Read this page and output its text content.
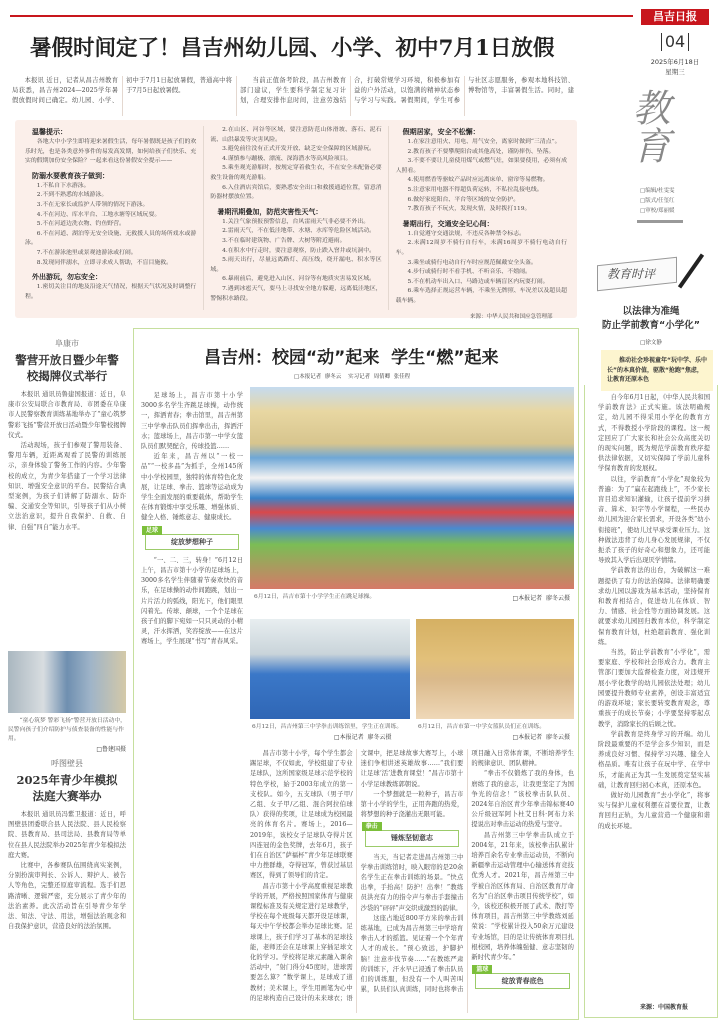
昌吉日报
04
2025年6月18日
星期三
暑假时间定了！昌吉州幼儿园、小学、初中7月1日放假

本报讯 近日，记者从昌吉州教育局获悉，昌吉州2024—2025学年暑假放假时间已确定。幼儿园、小学、初中于7月1日起放暑假，普通高中将于7月5日起放暑假。

当前正值备考阶段，昌吉州教育部门建议，学生要科学制定复习计划，合理安排作息时间，注意劳逸结合，打破常规学习环境，积极参加有益的户外活动，以饱满的精神状态参与学习与实践。暑假期间，学生可参与社区志愿服务，参观本地科技馆、博物馆等，丰富暑假生活。同时，建	教育
□编辑/杜雯雯
□版式/任玺红
□审校/郑丽媛
温馨提示：

各地大中小学生即将迎来暑假生活，每年暑假既是孩子们的欢乐时光，也是各类意外事件的易发高发期，如何给孩子们快乐、充实的假期加份安全保险？一起来看这份暑假安全提示——

防溺水要教育孩子做到：

1.不私自下水游泳。

2.不到不熟悉的水域游泳。

3.不在无家长或监护人带领的情况下游泳。

4.不在河边、库水平台、工地水塘等区域玩耍。

5.不在河道边洗衣物、钓鱼野营。

6.不在河道、湖泊等无安全设施、无救援人员的场所戏水或游泳。

7.不在游泳池里或景观池游泳或打闹。

8.发现同伴溺水，立即寻求成人帮助，不盲目施救。

外出游玩，勿忘安全：

1.密切关注目的地及沿途天气情况，根据天气状况及时调整行程。

2.在山区、河谷等区域，要注意防范山体滑坡、落石、泥石流、山洪暴发等灾害风险。

3.避免前往没有正式开发开放、缺乏安全保障的区域游玩。

4.谨慎参与蹦极、漂流、深海潜水等高风险项目。

5.乘坐观光游船时，按规定穿着救生衣，不在安全未配备必要救生设备的观光游船。

6.入住酒店宾馆后，要熟悉安全出口和救援通道位置，留意消防器材摆放位置。

暑期汛期叠加，防范灾害性天气：

1.关注气象预报预警信息，台风雷雨天气非必要不外出。

2.雷雨天气，不在低洼地带、水塘、水库等危险区域活动。

3.不在临时建筑物、广告牌、大树等附近避雨。

4.在积水中行走时，要注意观察，防止跌入窨井或坑洞中。

5.雨天出行，尽量远离路灯、高压线，绕开漏电、积水等区域。

6.暴雨前后，避免进入山区、河谷等有地质灾害易发区域。

7.遇到冰雹天气，要马上寻找安全地方躲避，远离低洼地区，警惕积水路段。

假期居家，安全不松懈：

1.在家注意用火、用电、用气安全，离家时做到“三清点”。

2.教育孩子不要攀爬阳台或其他高处，谨防摔伤、坠落。

3.不要不要让儿童使用煤气或燃气灶，如果要使用，必须有成人照看。

4.使用燃香等驱蚊产品时应远离床单、窗帘等易燃物。

5.注意家用电器不得超负荷运转，不私拉乱接电线。

6.做好家庭阳台、平台等区域的安全防护。

7.教育孩子不玩火，发现火情，及时拨打119。

暑期出行，交通安全记心间：

1.自觉遵守交通法规，不违反各种禁令标志。

2.未满12周岁不骑行自行车，未满16周岁不骑行电动自行车。

3.乘坐或骑行电动自行车时应规范佩戴安全头盔。

4.步行或骑行时不看手机、不听音乐、不嬉闹。

5.不在机动车出入口、马路边或车辆盲区内玩耍打闹。

6.乘车选择正规运营车辆，不乘坐无牌照、车况差以及超员超载车辆。

来源：中华人民共和国应急管理部
阜康市
警营开放日暨少年警校揭牌仪式举行

本报讯 通讯员鲁建国报道：近日，阜康市公安局联合市教育局、市团委在阜康市人民警察教育训练基地举办了“童心筑梦 警彩飞扬”警营开放日活动暨少年警校揭牌仪式。

活动现场，孩子们参观了警用装备、警用车辆，近距离观看了民警的训练展示，亲身体验了警务工作的内容。少年警校的成立，为青少年搭建了一个学习法律知识、增强安全意识的平台。民警结合典型案例，为孩子们讲解了防溺水、防诈骗、交通安全等知识，引导孩子们从小树立法治意识，提升自我保护、自救、自律、自强“四自”能力水平。

“童心筑梦 警彩飞扬”警营开放日活动中，民警向孩子们介绍防护与侦查装备的性能与作用。
□鲁建国摄
呼图壁县
2025年青少年模拟法庭大赛举办

本报讯 通讯员冯紫卫报道：近日，呼图壁县团委联合县人民法院、县人民检察院、县教育局、县司法局、县教育局等单位在县人民法院举办2025年青少年模拟法庭大赛。

比赛中，各参赛队伍围绕真实案例，分别扮演审判长、公诉人、辩护人、被告人等角色，完整还原庭审流程。选手们思路清晰、逻辑严密，充分展示了青少年的法治素养。此次活动旨在引导青少年学法、知法、守法、用法，增强法治观念和自我保护意识，营造良好的法治氛围。

昌吉州：校园“动”起来  学生“燃”起来
□本报记者  廖冬云    实习记者  周倩卿  张佳程
6月12日，昌吉市第十小学学生正在跳足球操。	□本报记者  廖冬云摄
6月12日，昌吉州第三中学拳击训练馆里，学生正在训练。
□本报记者  廖冬云摄
6月12日，昌吉市第一中学女篮队员们正在训练。
□本报记者  廖冬云摄

足球场上，昌吉市第十小学3000多名学生齐跳足球操，动作统一，挥洒青春；拳击馆里，昌吉州第三中学拳击队员们挥拳出击，挥洒汗水；篮球场上，昌吉市第一中学女篮队员们默契配合，传球投篮……

近年来，昌吉州以“一校一品”“一校多品”为抓手，全州145所中小学校园里，独特的体育特色化发展，让足球、拳击、篮球等运动成为学生全面发展的重要载体，帮助学生在体育锻炼中享受乐趣、增强体质、健全人格、锤炼意志、健康成长。

足球
绽放梦想种子

“一、二、三，转身！”6月12日上午，昌吉市第十小学的足球场上，3000多名学生伴随着节奏欢快的音乐，在足球操的动作间跑跳，划出一片片活力的弧线，阳光下，他们眼里闪着光。传球、颠球，一个个足球在孩子们的脚下宛如一只只灵动的小精灵，汗水挥洒，笑容绽放——在这片赛场上，学生展现“书写”青春风采。

昌吉市第十小学，每个学生都会踢足球，不仅如此，学校组建了专业足球队，这所国家级足球示范学校的特色学校，始于2003年成立的第一支校队。如今，五支球队（男子甲/乙组、女子甲/乙组、混合阿拉伯球队）获得的奖项，让足球成为校园最亮的体育名片。赛场上，2016—2019年，该校女子足球队夺得片区四连冠的金色奖牌，去年6月，孩子们在自治区“萨福杯”青少年足球联赛中力挫群雄，夺得冠军，曾获过基层赛区，得到了领导们的肯定。

昌吉市第十小学高度重视足球教学的开展，严格按照国家体育与健康课程标准及有关规定进行足球教学，学校在每个班级每天都开设足球课，每天中午学校都会举办足球比赛。足球课上，孩子们学习了基本的足球技能，老师还会在足球课上穿插足球文化的学习。学校将足球元素融入课余活动中，“射门得分45度时，进球需要怎么算？”数学课上，足球成了道教材；美术课上，学生用画笔为心中的足球构造自己设计的未来球衣；语文课中，把足球故事大赛写上，小球迷们争相讲述英雄故事……“我们要让足球‘活’进教育课堂！”昌吉市第十小学足球教练郭朝说。

一个梦想就是一粒种子，昌吉市第十小学的学生，正用奔跑的热爱，将梦想的种子浇灌出无限可能。

拳击
锤炼坚韧意志

当天，当记者走进昌吉州第三中学拳击训练馆时，映入眼帘的是20余名学生正在拳击训练的场景。“快点出拳，手抬高！防护！出拳！”教练员洪亮有力的指令声与拳击手套撞击沙袋的“砰砰”声交织成激烈的韵律。

这座占地近800平方米的拳击训练基地，已成为昌吉州第三中学培育拳击人才的摇篮。见证着一个个年青人才的成长。“预心致远，护脚护脑！注意步伐节奏……”在教练严肃的训练下，汗水早已浸透了拳击队员们的训练服，但没有一个人叫苦叫累，队员们认真训练，同时也将拳击项目融入日常体育课，不断培养学生的规律意识、团队精神。

“拳击不仅锻炼了我的身体，也磨练了我的意志，让我更坚定了为国争光的信念！”该校拳击队队员、2024年自治区青少年拳击锦标赛40公斤级冠军阿卜杜艾日科·阿布力米提说出对拳击运动的热爱与坚守。

昌吉州第三中学拳击队成立于2004年，21年来，该校拳击队累计培养百余名专业拳击运动员，不断向新疆拳击运动管理中心输送体育竞技优秀人才。2021年，昌吉州第三中学被自治区体育局、自治区教育厅命名为“自治区拳击项目传统学校”，如今，该校还积极开展了武术、散打等体育项目，昌吉州第三中学教练刘延荣说：“学校累计投入50余万元建设专业场馆，目的是让传统体育项目扎根校园，培养体魄强健、意志坚韧的新时代青少年。”

篮球
绽放青春底色

教育时评
以法律为准绳
防止学前教育“小学化”
□徐文静
推动社会珍视童年“玩中学、乐中长”的本真价值，驱散“抢跑”焦虑，让教育还原本色

自今年6月1日起，《中华人民共和国学前教育法》正式实施。该法明确规定，幼儿园不得采用小学化的教育方式，不得教授小学阶段的课程。这一规定回应了广大家长和社会公众高度关切的现实问题，既为规范学前教育秩序提供法律依据，又切实保障了学前儿童科学保育教育的发展权。

以往，学前教育“小学化”现象较为普遍：为了“赢在起跑线上”，不少家长盲目追求知识灌输，让孩子提前学习拼音、算术、识字等小学课程，一些民办幼儿园为迎合家长需求，开设各类“幼小衔接班”，使幼儿过早承受课业压力。这种做法违背了幼儿身心发展规律，不仅扼杀了孩子的好奇心和想象力，还可能导致其入学后出现厌学情绪。

学前教育法的出台，为破解这一难题提供了有力的法治保障。法律明确要求幼儿园以游戏为基本活动，坚持保育和教育相结合，促进幼儿在体质、智力、情感、社会性等方面协调发展。这就要求幼儿园回归教育本位，科学制定保育教育计划，杜绝超前教育、强化训练。

当然，防止学前教育“小学化”，需要家庭、学校和社会形成合力。教育主管部门要加大监督检查力度，对违规开展小学化教学的幼儿园依法处理；幼儿园要提升教师专业素养，创设丰富适宜的游戏环境；家长要转变教育观念，尊重孩子的成长节奏；小学要坚持零起点教学，消除家长的后顾之忧。

学前教育是终身学习的开端。幼儿阶段最重要的不是学会多少知识，而是养成良好习惯、保持学习兴趣、健全人格品质。唯有让孩子在玩中学、在学中乐，才能真正为其一生发展奠定坚实基础，让教育回归初心本真，还原本色。

做好幼儿园教育“去小学化”，将事实与保护儿童权利摆在首要位置，让教育回归正轨，为儿童营造一个健康和谐的成长环境。

来源：中国教育报
